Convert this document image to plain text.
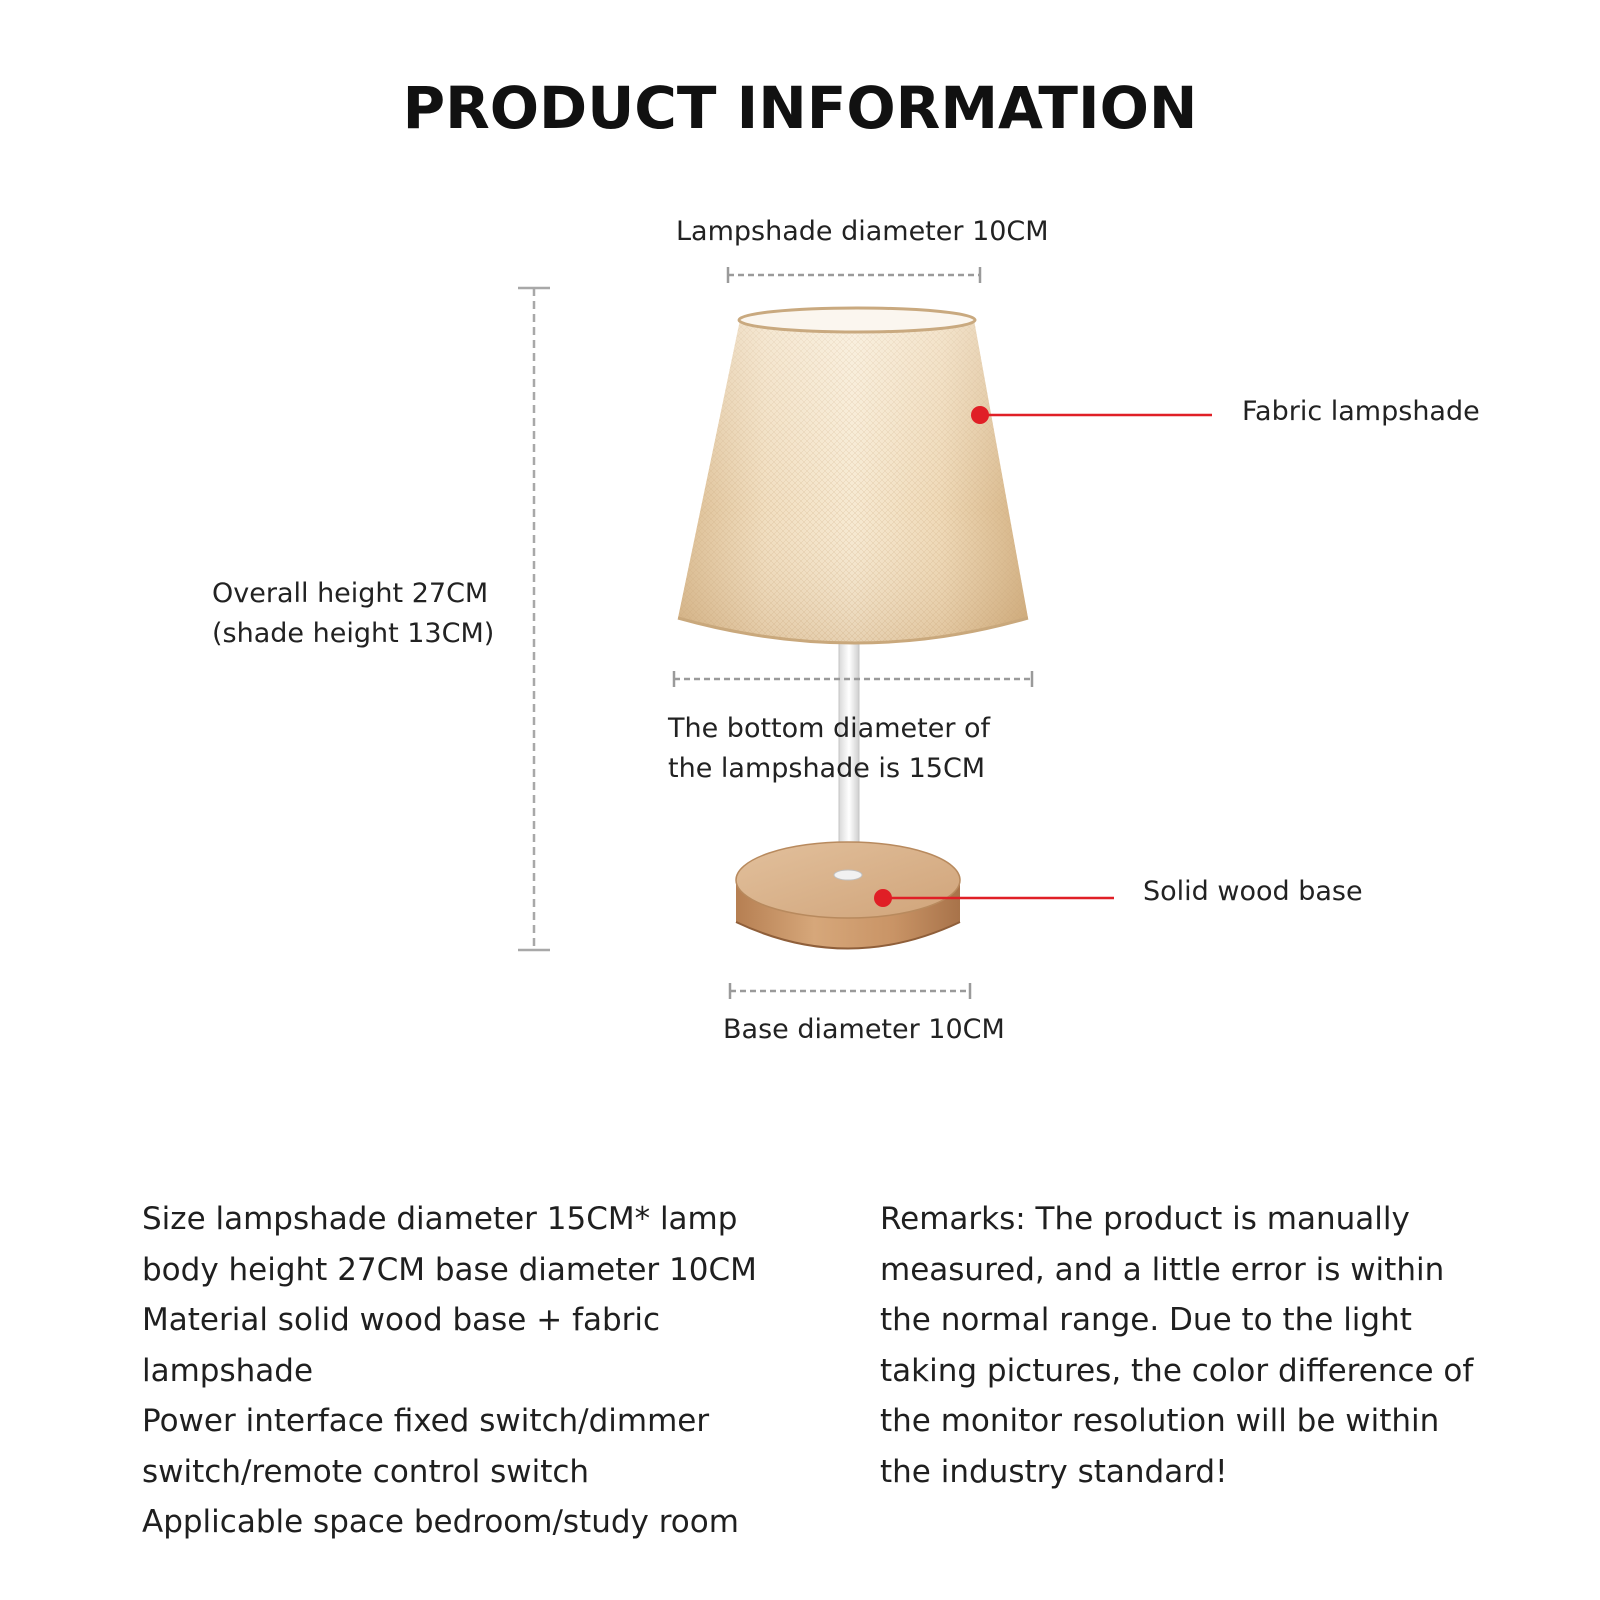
PRODUCT INFORMATION
Lampshade diameter 10CM
Overall height 27CM
(shade height 13CM)
The bottom diameter of
the lampshade is 15CM
Base diameter 10CM
Fabric lampshade
Solid wood base
Size lampshade diameter 15CM* lamp
body height 27CM base diameter 10CM
Material solid wood base + fabric
lampshade
Power interface fixed switch/dimmer
switch/remote control switch
Applicable space bedroom/study room
Remarks: The product is manually
measured, and a little error is within
the normal range. Due to the light
taking pictures, the color difference of
the monitor resolution will be within
the industry standard!
